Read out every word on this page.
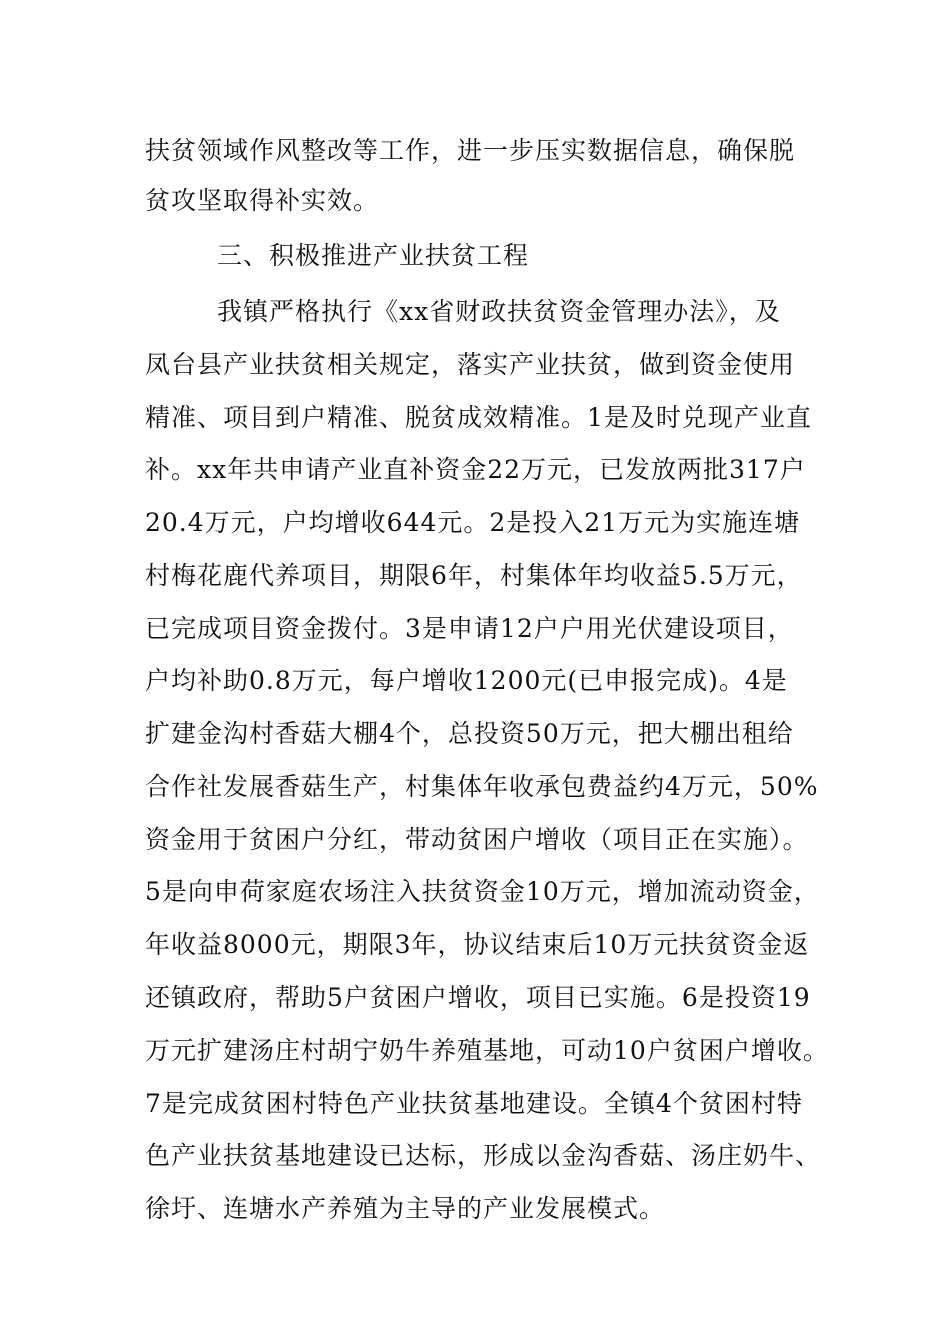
扶贫领域作风整改等工作，进一步压实数据信息，确保脱
贫攻坚取得补实效。
三、积极推进产业扶贫工程
我镇严格执行《xx省财政扶贫资金管理办法》，及
凤台县产业扶贫相关规定，落实产业扶贫，做到资金使用
精准、项目到户精准、脱贫成效精准。1是及时兑现产业直
补。xx年共申请产业直补资金22万元，已发放两批317户
20.4万元，户均增收644元。2是投入21万元为实施连塘
村梅花鹿代养项目，期限6年，村集体年均收益5.5万元，
已完成项目资金拨付。3是申请12户户用光伏建设项目，
户均补助0.8万元，每户增收1200元(已申报完成)。4是
扩建金沟村香菇大棚4个，总投资50万元，把大棚出租给
合作社发展香菇生产，村集体年收承包费益约4万元，50%
资金用于贫困户分红，带动贫困户增收（项目正在实施）。
5是向申荷家庭农场注入扶贫资金10万元，增加流动资金，
年收益8000元，期限3年，协议结束后10万元扶贫资金返
还镇政府，帮助5户贫困户增收，项目已实施。6是投资19
万元扩建汤庄村胡宁奶牛养殖基地，可动10户贫困户增收。
7是完成贫困村特色产业扶贫基地建设。全镇4个贫困村特
色产业扶贫基地建设已达标，形成以金沟香菇、汤庄奶牛、
徐圩、连塘水产养殖为主导的产业发展模式。
